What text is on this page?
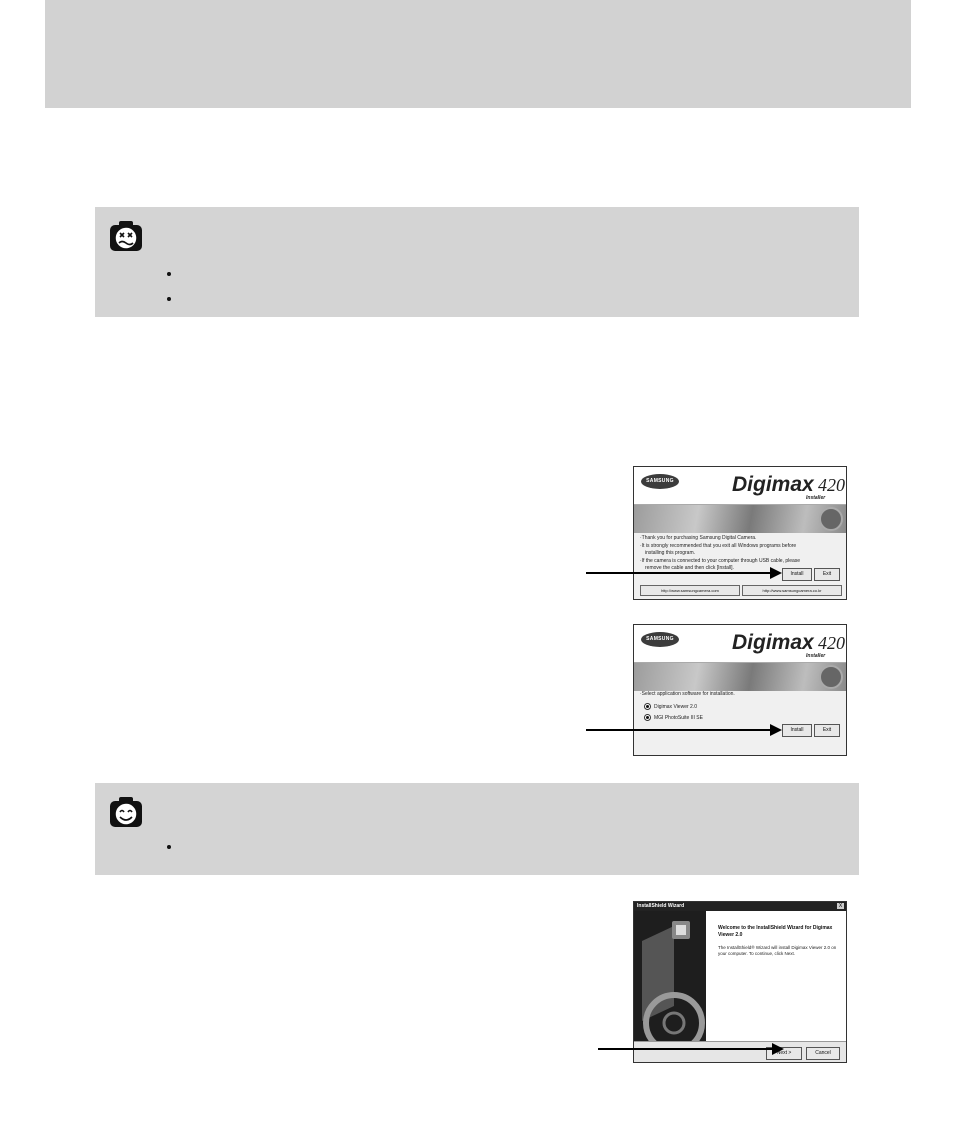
SAMSUNG	Digimax 420
Installer
· Thank you for purchasing Samsung Digital Camera.
· It is strongly recommended that you exit all Windows programs before
installing this program.
· If the camera is connected to your computer through USB cable, please
remove the cable and then click [Install].
Install	Exit
http://www.samsungcamera.com	http://www.samsungcamera.co.kr
SAMSUNG	Digimax 420
Installer
· Select application software for installation.
Digimax Viewer 2.0
MGI PhotoSuite III SE
Install	Exit
InstallShield Wizard	X
Welcome to the InstallShield Wizard for Digimax Viewer 2.0
The InstallShield® Wizard will install Digimax Viewer 2.0 on your computer. To continue, click Next.
Next >	Cancel
